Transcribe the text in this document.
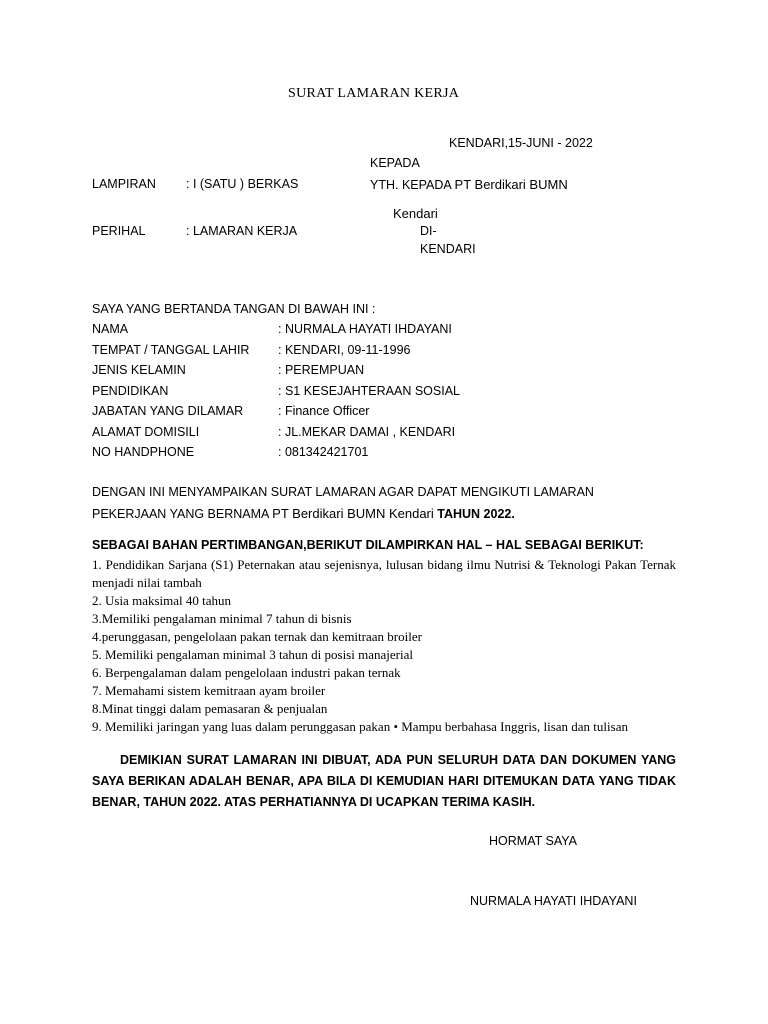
SURAT LAMARAN KERJA
KENDARI,15-JUNI - 2022
KEPADA
LAMPIRAN : I (SATU ) BERKAS	YTH. KEPADA PT Berdikari BUMN
Kendari
PERIHAL	: LAMARAN KERJA	DI-
KENDARI
SAYA YANG BERTANDA TANGAN DI BAWAH INI :
NAMA	: NURMALA HAYATI IHDAYANI
TEMPAT / TANGGAL LAHIR : KENDARI, 09-11-1996
JENIS KELAMIN	: PEREMPUAN
PENDIDIKAN	: S1 KESEJAHTERAAN SOSIAL
JABATAN YANG DILAMAR	: Finance Officer
ALAMAT DOMISILI	: JL.MEKAR DAMAI , KENDARI
NO HANDPHONE	: 081342421701
DENGAN INI MENYAMPAIKAN SURAT LAMARAN AGAR DAPAT MENGIKUTI LAMARAN
PEKERJAAN YANG BERNAMA PT Berdikari BUMN Kendari TAHUN 2022.
SEBAGAI BAHAN PERTIMBANGAN,BERIKUT DILAMPIRKAN HAL – HAL SEBAGAI BERIKUT:
1. Pendidikan Sarjana (S1) Peternakan atau sejenisnya, lulusan bidang ilmu Nutrisi & Teknologi Pakan Ternak menjadi nilai tambah
2. Usia maksimal 40 tahun
3.Memiliki pengalaman minimal 7 tahun di bisnis
4.perunggasan, pengelolaan pakan ternak dan kemitraan broiler
5. Memiliki pengalaman minimal 3 tahun di posisi manajerial
6. Berpengalaman dalam pengelolaan industri pakan ternak
7. Memahami sistem kemitraan ayam broiler
8.Minat tinggi dalam pemasaran & penjualan
9. Memiliki jaringan yang luas dalam perunggasan pakan • Mampu berbahasa Inggris, lisan dan tulisan
DEMIKIAN SURAT LAMARAN INI DIBUAT, ADA PUN SELURUH DATA DAN DOKUMEN YANG SAYA BERIKAN ADALAH BENAR, APA BILA DI KEMUDIAN HARI DITEMUKAN DATA YANG TIDAK BENAR, TAHUN 2022. ATAS PERHATIANNYA DI UCAPKAN TERIMA KASIH.
HORMAT SAYA
NURMALA HAYATI IHDAYANI
